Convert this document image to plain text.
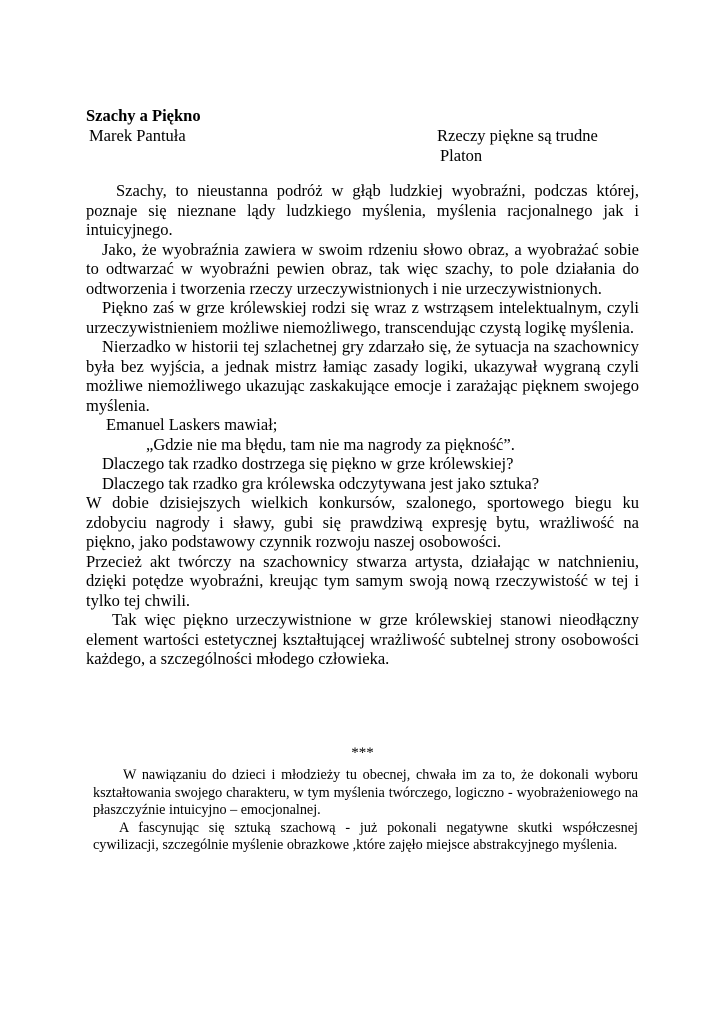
Szachy a Piękno
Marek Pantuła	Rzeczy piękne są trudne
Platon

Szachy, to nieustanna podróż w głąb ludzkiej wyobraźni, podczas której, poznaje się nieznane lądy ludzkiego myślenia, myślenia racjonalnego jak i intuicyjnego.

Jako, że wyobraźnia zawiera w swoim rdzeniu słowo obraz, a wyobrażać sobie to odtwarzać w wyobraźni pewien obraz, tak więc szachy, to pole działania do odtworzenia i tworzenia rzeczy urzeczywistnionych i nie urzeczywistnionych.

Piękno zaś w grze królewskiej rodzi się wraz z wstrząsem intelektualnym, czyli urzeczywistnieniem możliwe niemożliwego, transcendując czystą logikę myślenia.

Nierzadko w historii tej szlachetnej gry zdarzało się, że sytuacja na szachownicy była bez wyjścia, a jednak mistrz łamiąc zasady logiki, ukazywał wygraną czyli możliwe niemożliwego ukazując zaskakujące emocje i zarażając pięknem swojego myślenia.

Emanuel Laskers mawiał;

„Gdzie nie ma błędu, tam nie ma nagrody za piękność”.

Dlaczego tak rzadko dostrzega się piękno w grze królewskiej?

Dlaczego tak rzadko gra królewska odczytywana jest jako sztuka?

W dobie dzisiejszych wielkich konkursów, szalonego, sportowego biegu ku zdobyciu nagrody i sławy, gubi się prawdziwą expresję bytu, wrażliwość na piękno, jako podstawowy czynnik rozwoju naszej osobowości.

Przecież akt twórczy na szachownicy stwarza artysta, działając w natchnieniu, dzięki potędze wyobraźni, kreując tym samym swoją nową rzeczywistość w tej i tylko tej chwili.

Tak więc piękno urzeczywistnione w grze królewskiej stanowi nieodłączny element wartości estetycznej kształtującej wrażliwość subtelnej strony osobowości każdego, a szczególności młodego człowieka.

***

W nawiązaniu do dzieci i młodzieży tu obecnej, chwała im za to, że dokonali wyboru kształtowania swojego charakteru, w tym myślenia twórczego, logiczno - wyobrażeniowego na płaszczyźnie intuicyjno – emocjonalnej.

A fascynując się sztuką szachową - już pokonali negatywne skutki współczesnej cywilizacji, szczególnie myślenie obrazkowe ,które zajęło miejsce abstrakcyjnego myślenia.
